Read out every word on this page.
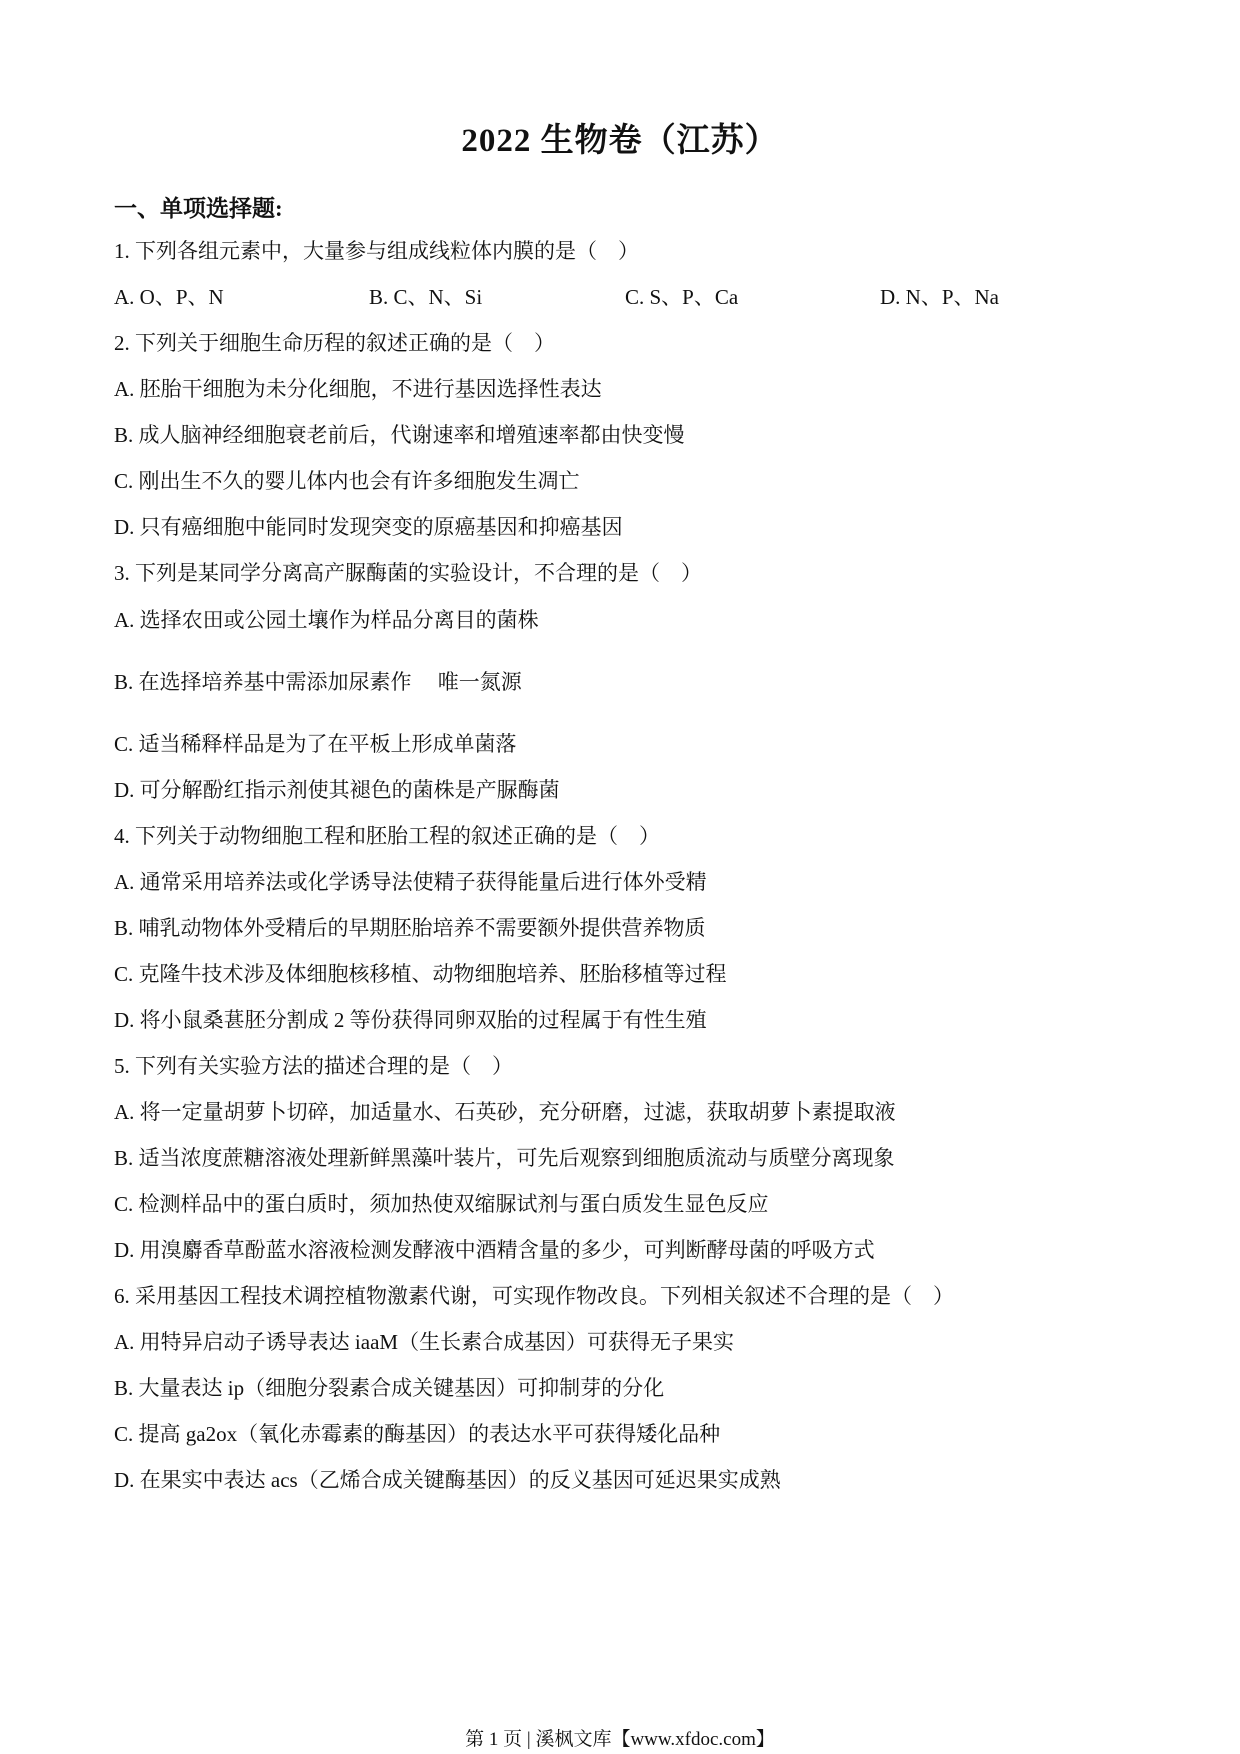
2022 生物卷（江苏）
一、单项选择题:
1. 下列各组元素中，大量参与组成线粒体内膜的是（　）
A. O、P、N	B. C、N、Si	C. S、P、Ca	D. N、P、Na
2. 下列关于细胞生命历程的叙述正确的是（　）
A. 胚胎干细胞为未分化细胞，不进行基因选择性表达
B. 成人脑神经细胞衰老前后，代谢速率和增殖速率都由快变慢
C. 刚出生不久的婴儿体内也会有许多细胞发生凋亡
D. 只有癌细胞中能同时发现突变的原癌基因和抑癌基因
3. 下列是某同学分离高产脲酶菌的实验设计，不合理的是（　）
A. 选择农田或公园土壤作为样品分离目的菌株
B. 在选择培养基中需添加尿素作　 唯一氮源
C. 适当稀释样品是为了在平板上形成单菌落
D. 可分解酚红指示剂使其褪色的菌株是产脲酶菌
4. 下列关于动物细胞工程和胚胎工程的叙述正确的是（　）
A. 通常采用培养法或化学诱导法使精子获得能量后进行体外受精
B. 哺乳动物体外受精后的早期胚胎培养不需要额外提供营养物质
C. 克隆牛技术涉及体细胞核移植、动物细胞培养、胚胎移植等过程
D. 将小鼠桑葚胚分割成 2 等份获得同卵双胎的过程属于有性生殖
5. 下列有关实验方法的描述合理的是（　）
A. 将一定量胡萝卜切碎，加适量水、石英砂，充分研磨，过滤，获取胡萝卜素提取液
B. 适当浓度蔗糖溶液处理新鲜黑藻叶装片，可先后观察到细胞质流动与质壁分离现象
C. 检测样品中的蛋白质时，须加热使双缩脲试剂与蛋白质发生显色反应
D. 用溴麝香草酚蓝水溶液检测发酵液中酒精含量的多少，可判断酵母菌的呼吸方式
6. 采用基因工程技术调控植物激素代谢，可实现作物改良。下列相关叙述不合理的是（　）
A. 用特异启动子诱导表达 iaaM（生长素合成基因）可获得无子果实
B. 大量表达 ip（细胞分裂素合成关键基因）可抑制芽的分化
C. 提高 ga2ox（氧化赤霉素的酶基因）的表达水平可获得矮化品种
D. 在果实中表达 acs（乙烯合成关键酶基因）的反义基因可延迟果实成熟
第 1 页 | 溪枫文库【www.xfdoc.com】
